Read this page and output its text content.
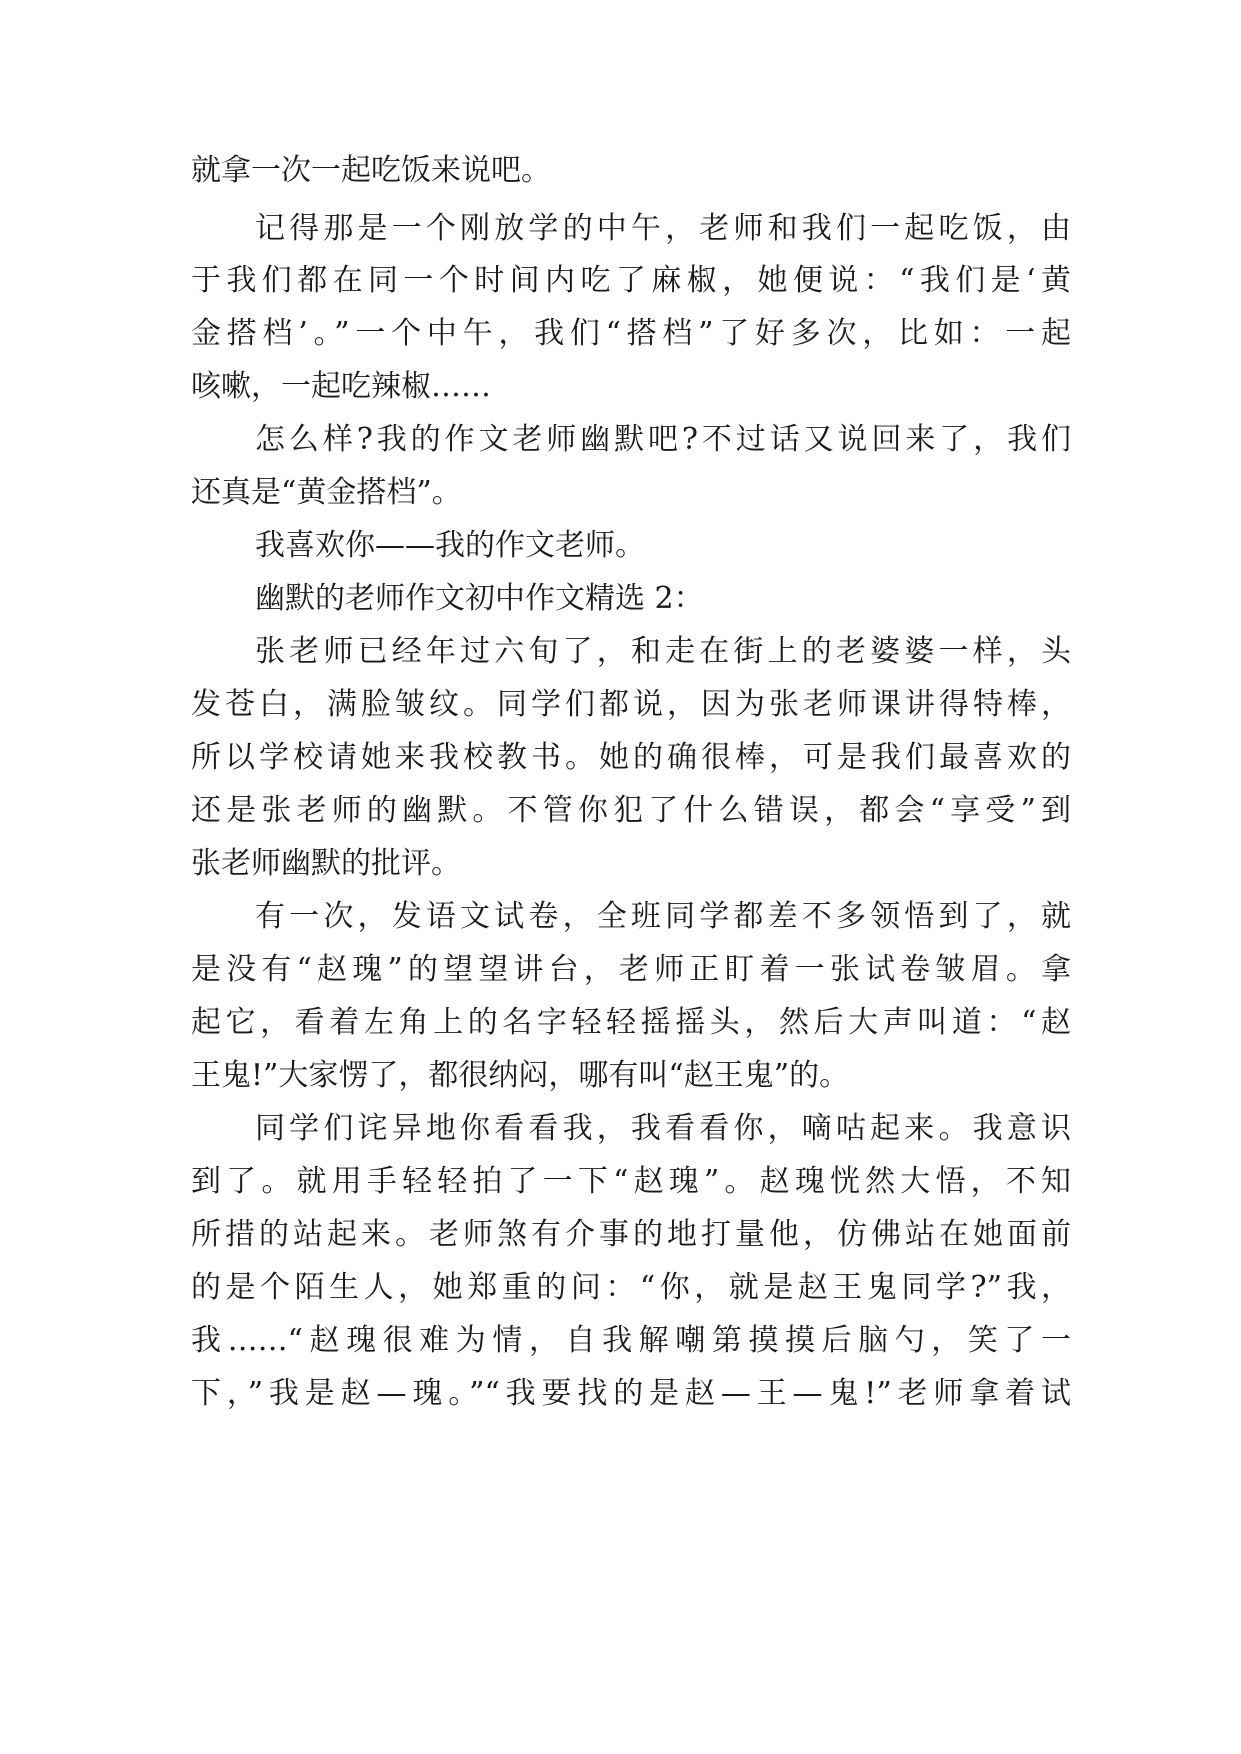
就拿一次一起吃饭来说吧。
记得那是一个刚放学的中午，老师和我们一起吃饭，由
于我们都在同一个时间内吃了麻椒，她便说：“我们是‘黄
金搭档’。”一个中午，我们“搭档”了好多次，比如：一起
咳嗽，一起吃辣椒……
怎么样?我的作文老师幽默吧?不过话又说回来了，我们
还真是“黄金搭档”。
我喜欢你——我的作文老师。
幽默的老师作文初中作文精选 2：
张老师已经年过六旬了，和走在街上的老婆婆一样，头
发苍白，满脸皱纹。同学们都说，因为张老师课讲得特棒，
所以学校请她来我校教书。她的确很棒，可是我们最喜欢的
还是张老师的幽默。不管你犯了什么错误，都会“享受”到
张老师幽默的批评。
有一次，发语文试卷，全班同学都差不多领悟到了，就
是没有“赵瑰”的望望讲台，老师正盯着一张试卷皱眉。拿
起它，看着左角上的名字轻轻摇摇头，然后大声叫道：“赵
王鬼!”大家愣了，都很纳闷，哪有叫“赵王鬼”的。
同学们诧异地你看看我，我看看你，嘀咕起来。我意识
到了。就用手轻轻拍了一下“赵瑰”。赵瑰恍然大悟，不知
所措的站起来。老师煞有介事的地打量他，仿佛站在她面前
的是个陌生人，她郑重的问：“你，就是赵王鬼同学?”我，
我……“赵瑰很难为情，自我解嘲第摸摸后脑勺，笑了一
下，”我是赵—瑰。”“我要找的是赵—王—鬼!”老师拿着试
